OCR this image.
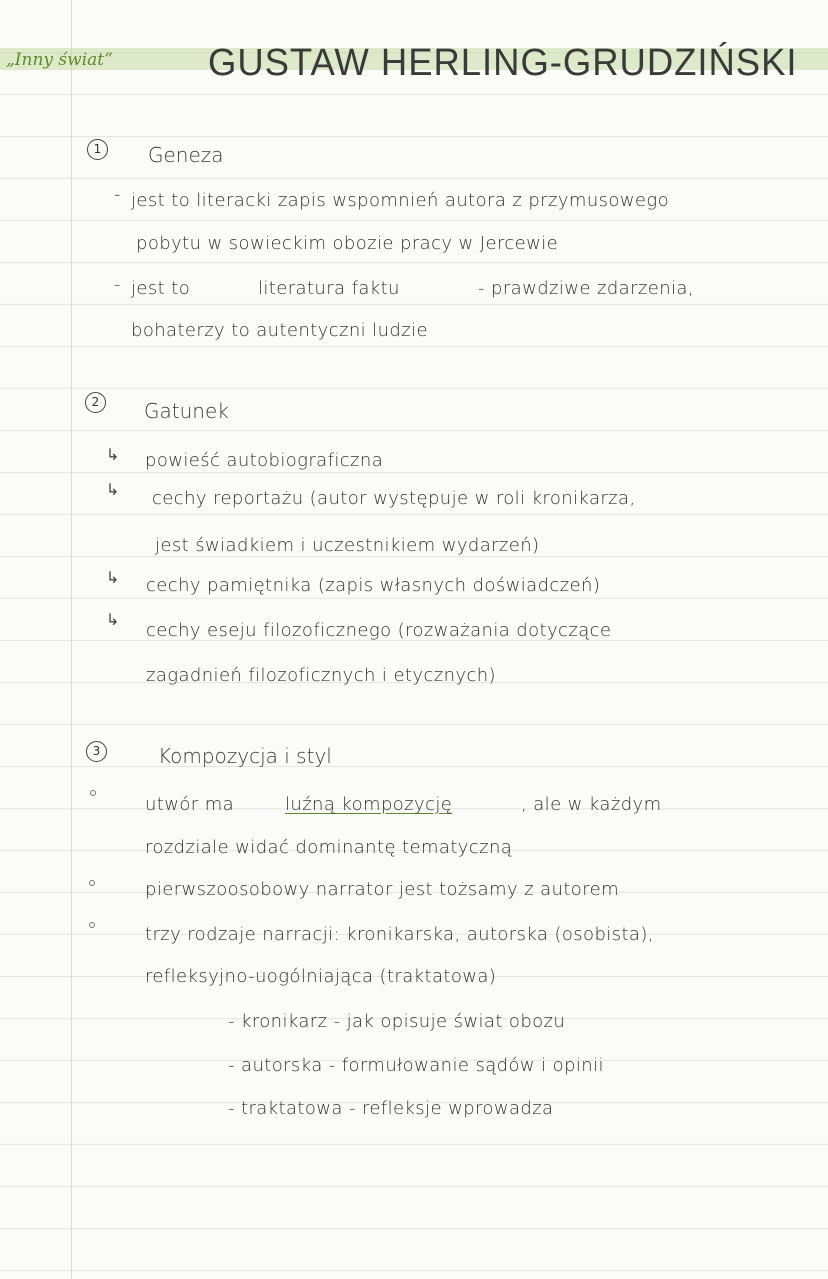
„Inny świat”	GUSTAW HERLING-GRUDZIŃSKI
1	Geneza
- jest to literacki zapis wspomnień autora z przymusowego
pobytu w sowieckim obozie pracy w Jercewie
- jest to	literatura faktu	- prawdziwe zdarzenia,
bohaterzy to autentyczni ludzie
2	Gatunek
↳ powieść autobiograficzna
↳ cechy reportażu (autor występuje w roli kronikarza,
jest świadkiem i uczestnikiem wydarzeń)
↳ cechy pamiętnika (zapis własnych doświadczeń)
↳
cechy eseju filozoficznego (rozważania dotyczące
zagadnień filozoficznych i etycznych)
3	Kompozycja i styl
utwór ma	luźną kompozycję	, ale w każdym
rozdziale widać dominantę tematyczną
pierwszoosobowy narrator jest tożsamy z autorem
trzy rodzaje narracji: kronikarska, autorska (osobista),
refleksyjno-uogólniająca (traktatowa)
- kronikarz - jak opisuje świat obozu
- autorska - formułowanie sądów i opinii
- traktatowa - refleksje wprowadza
